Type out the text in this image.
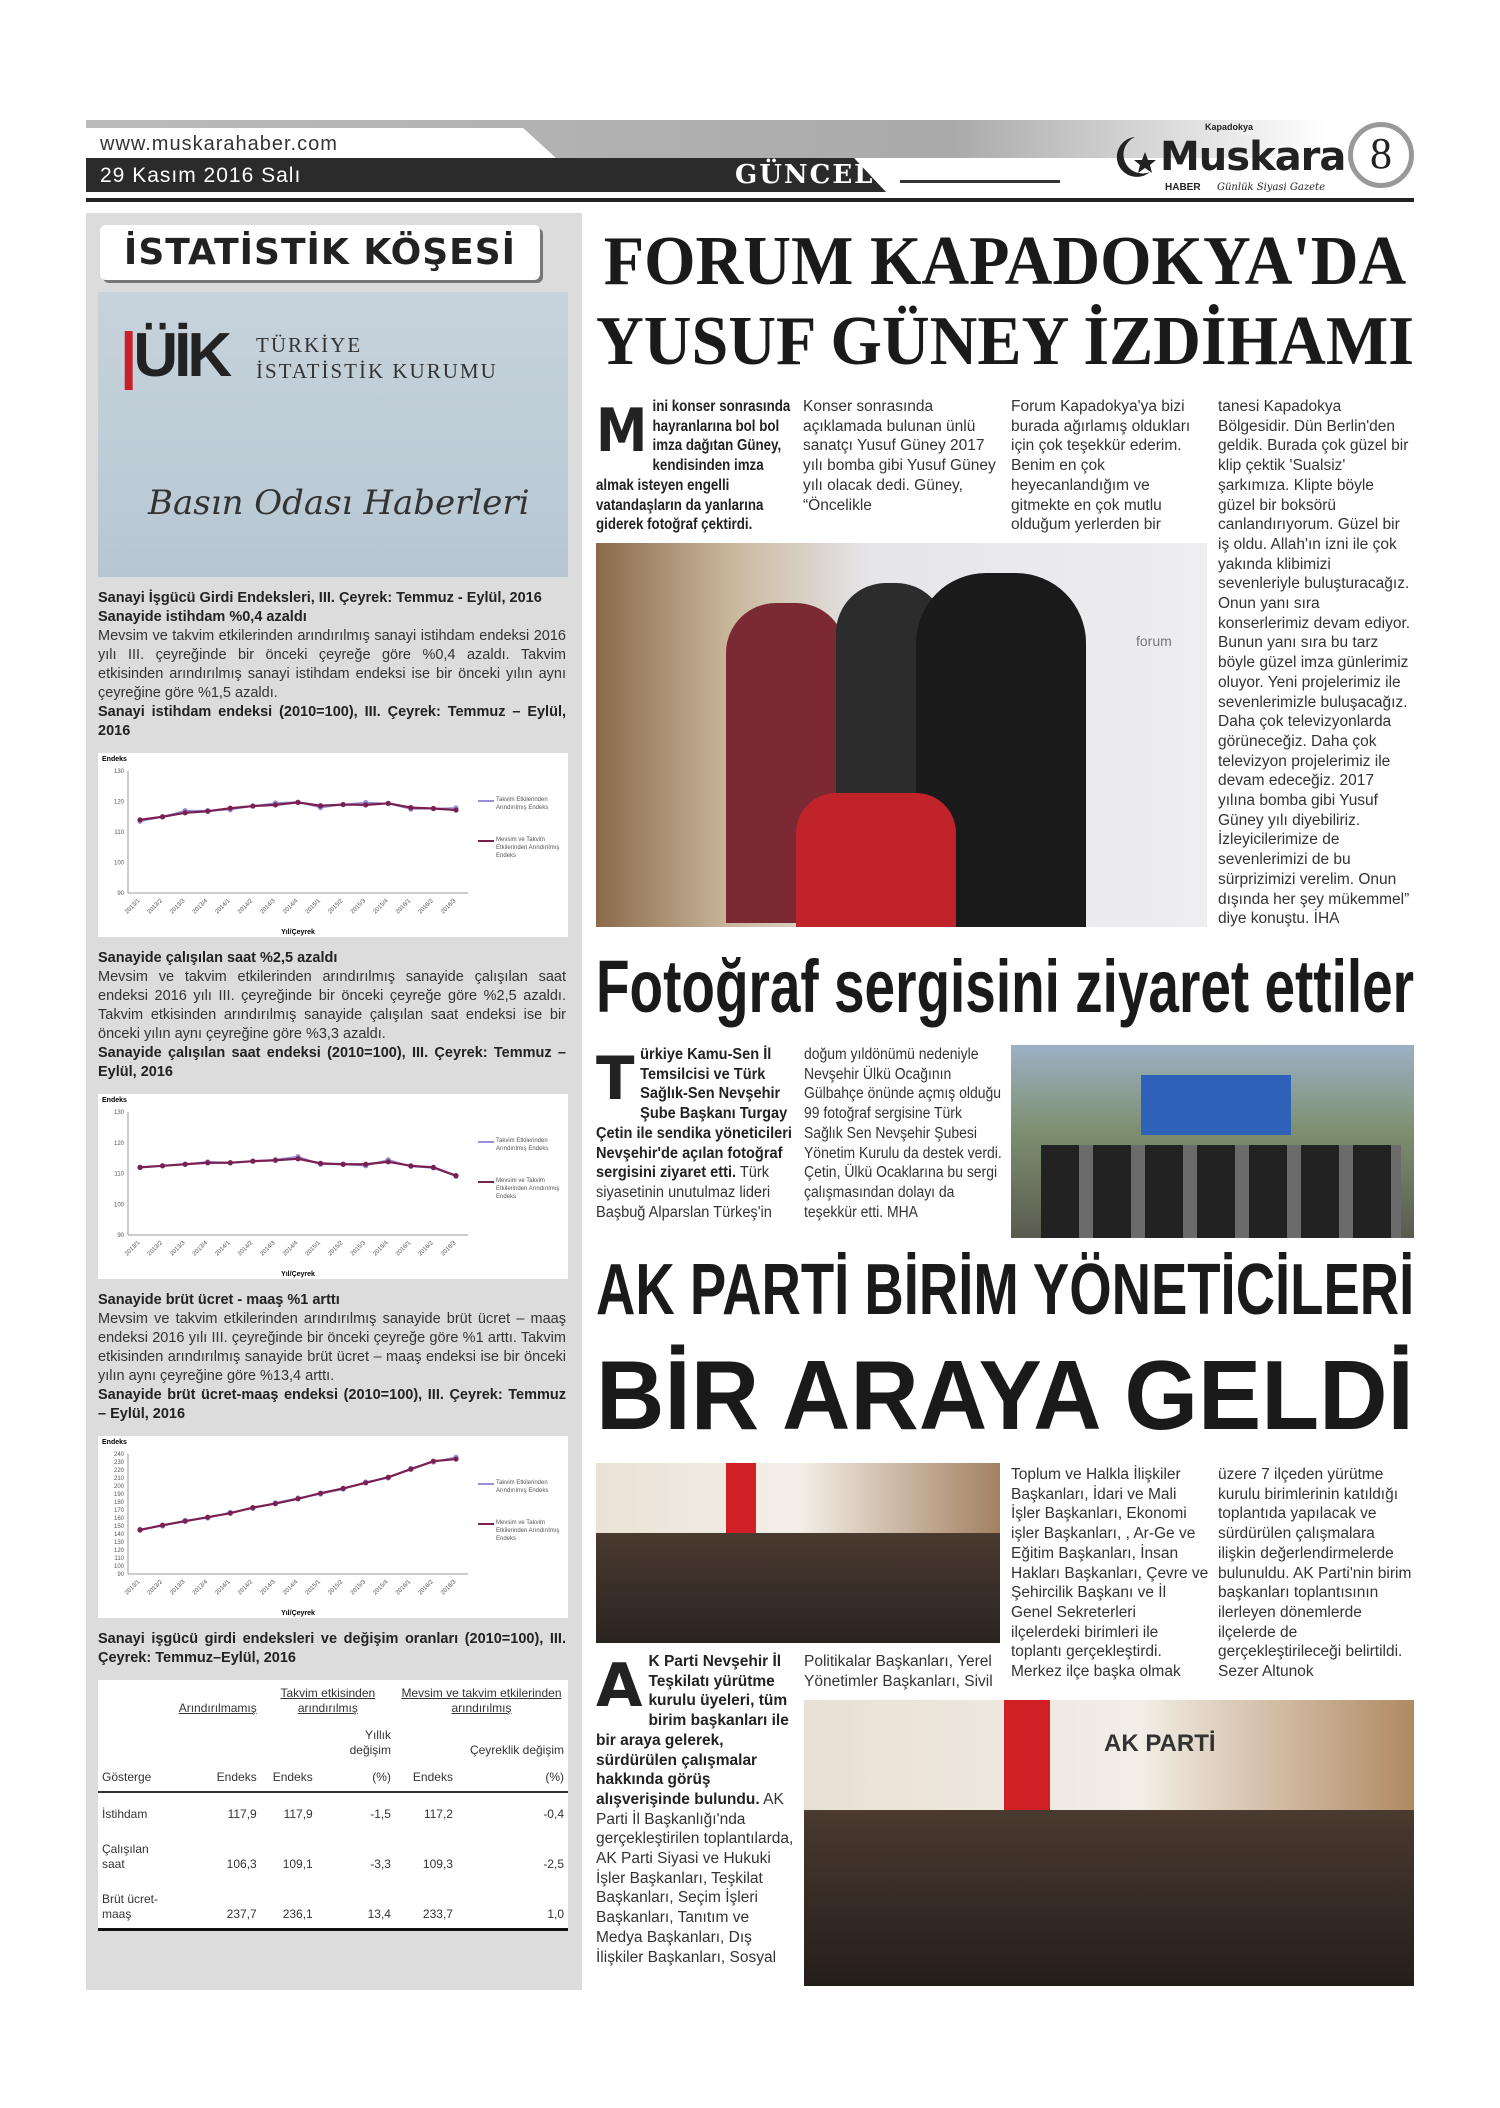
www.muskarahaber.com
29 Kasım 2016 Salı	GÜNCEL
Kapadokya
Muskara
HABER Günlük Siyasi Gazete
8
İSTATİSTİK KÖŞESİ
|ÜİK TÜRKİYE
İSTATİSTİK KURUMU
Basın Odası Haberleri
Sanayi İşgücü Girdi Endeksleri, III. Çeyrek: Temmuz - Eylül, 2016
Sanayide istihdam %0,4 azaldı
Mevsim ve takvim etkilerinden arındırılmış sanayi istihdam endeksi 2016 yılı III. çeyreğinde bir önceki çeyreğe göre %0,4 azaldı. Takvim etkisinden arındırılmış sanayi istihdam endeksi ise bir önceki yılın aynı çeyreğine göre %1,5 azaldı.
Sanayi istihdam endeksi (2010=100), III. Çeyrek: Temmuz – Eylül, 2016
Endeks
90
100
110
120
130
2013/1 2013/2 2013/3 2013/4 2014/1 2014/2 2014/3 2014/4 2015/1 2015/2 2015/3 2015/4 2016/1 2016/2 2016/3
Yıl/Çeyrek
Takvim Etkilerinden Arındırılmış Endeks
Mevsim ve Takvim Etkilerinden Arındırılmış Endeks
Sanayide çalışılan saat %2,5 azaldı
Mevsim ve takvim etkilerinden arındırılmış sanayide çalışılan saat endeksi 2016 yılı III. çeyreğinde bir önceki çeyreğe göre %2,5 azaldı. Takvim etkisinden arındırılmış sanayide çalışılan saat endeksi ise bir önceki yılın aynı çeyreğine göre %3,3 azaldı.
Sanayide çalışılan saat endeksi (2010=100), III. Çeyrek: Temmuz – Eylül, 2016
Endeks
90
100
110
120
130
2013/1 2013/2 2013/3 2013/4 2014/1 2014/2 2014/3 2014/4 2015/1 2015/2 2015/3 2015/4 2016/1 2016/2 2016/3
Yıl/Çeyrek
Takvim Etkilerinden Arındırılmış Endeks
Mevsim ve Takvim Etkilerinden Arındırılmış Endeks
Sanayide brüt ücret - maaş %1 arttı
Mevsim ve takvim etkilerinden arındırılmış sanayide brüt ücret – maaş endeksi 2016 yılı III. çeyreğinde bir önceki çeyreğe göre %1 arttı. Takvim etkisinden arındırılmış sanayide brüt ücret – maaş endeksi ise bir önceki yılın aynı çeyreğine göre %13,4 arttı.
Sanayide brüt ücret-maaş endeksi (2010=100), III. Çeyrek: Temmuz – Eylül, 2016
Endeks
90
100
110
120
130
140
150
160
170
180
190
200
210
220
230
240
2013/1 2013/2 2013/3 2013/4 2014/1 2014/2 2014/3 2014/4 2015/1 2015/2 2015/3 2015/4 2016/1 2016/2 2016/3
Yıl/Çeyrek
Takvim Etkilerinden Arındırılmış Endeks
Mevsim ve Takvim Etkilerinden Arındırılmış Endeks
Sanayi işgücü girdi endeksleri ve değişim oranları (2010=100), III. Çeyrek: Temmuz–Eylül, 2016
	Arındırılmamış	Takvim etkisinden arındırılmış		Mevsim ve takvim etkilerinden arındırılmış	
			Yıllık değişim		Çeyreklik değişim
Gösterge	Endeks	Endeks	(%)	Endeks	(%)
İstihdam	117,9	117,9	-1,5	117,2	-0,4
Çalışılan saat	106,3	109,1	-3,3	109,3	-2,5
Brüt ücret-maaş	237,7	236,1	13,4	233,7	1,0
FORUM KAPADOKYA'DA
YUSUF GÜNEY İZDİHAMI
Mini konser sonrasında hayranlarına bol bol imza dağıtan Güney, kendisinden imza almak isteyen engelli vatandaşların da yanlarına giderek fotoğraf çektirdi.
Konser sonrasında açıklamada bulunan ünlü sanatçı Yusuf Güney 2017 yılı bomba gibi Yusuf Güney yılı olacak dedi. Güney, “Öncelikle
Forum Kapadokya'ya bizi burada ağırlamış oldukları için çok teşekkür ederim. Benim en çok heyecanlandığım ve gitmekte en çok mutlu olduğum yerlerden bir
tanesi Kapadokya Bölgesidir. Dün Berlin'den geldik. Burada çok güzel bir klip çektik 'Sualsiz' şarkımıza. Klipte böyle güzel bir boksörü canlandırıyorum. Güzel bir iş oldu. Allah'ın izni ile çok yakında klibimizi sevenleriyle buluşturacağız. Onun yanı sıra konserlerimiz devam ediyor. Bunun yanı sıra bu tarz böyle güzel imza günlerimiz oluyor. Yeni projelerimiz ile sevenlerimizle buluşacağız. Daha çok televizyonlarda görüneceğiz. Daha çok televizyon projelerimiz ile devam edeceğiz. 2017 yılına bomba gibi Yusuf Güney yılı diyebiliriz. İzleyicilerimize de sevenlerimizi de bu sürprizimizi verelim. Onun dışında her şey mükemmel” diye konuştu. İHA
forum
Fotoğraf sergisini ziyaret ettiler
Türkiye Kamu-Sen İl Temsilcisi ve Türk Sağlık-Sen Nevşehir Şube Başkanı Turgay Çetin ile sendika yöneticileri Nevşehir'de açılan fotoğraf sergisini ziyaret etti. Türk siyasetinin unutulmaz lideri Başbuğ Alparslan Türkeş'in
doğum yıldönümü nedeniyle Nevşehir Ülkü Ocağının Gülbahçe önünde açmış olduğu 99 fotoğraf sergisine Türk Sağlık Sen Nevşehir Şubesi Yönetim Kurulu da destek verdi. Çetin, Ülkü Ocaklarına bu sergi çalışmasından dolayı da teşekkür etti. MHA
AK PARTİ BİRİM YÖNETİCİLERİ
BİR ARAYA GELDİ
Toplum ve Halkla İlişkiler Başkanları, İdari ve Mali İşler Başkanları, Ekonomi işler Başkanları, , Ar-Ge ve Eğitim Başkanları, İnsan Hakları Başkanları, Çevre ve Şehircilik Başkanı ve İl Genel Sekreterleri ilçelerdeki birimleri ile toplantı gerçekleştirdi. Merkez ilçe başka olmak
üzere 7 ilçeden yürütme kurulu birimlerinin katıldığı toplantıda yapılacak ve sürdürülen çalışmalara ilişkin değerlendirmelerde bulunuldu. AK Parti'nin birim başkanları toplantısının ilerleyen dönemlerde ilçelerde de gerçekleştirileceği belirtildi. Sezer Altunok
A K Parti Nevşehir İl Teşkilatı yürütme kurulu üyeleri, tüm birim başkanları ile bir araya gelerek, sürdürülen çalışmalar hakkında görüş alışverişinde bulundu. AK Parti İl Başkanlığı'nda gerçekleştirilen toplantılarda, AK Parti Siyasi ve Hukuki İşler Başkanları, Teşkilat Başkanları, Seçim İşleri Başkanları, Tanıtım ve Medya Başkanları, Dış İlişkiler Başkanları, Sosyal
Politikalar Başkanları, Yerel Yönetimler Başkanları, Sivil
AK PARTİ
